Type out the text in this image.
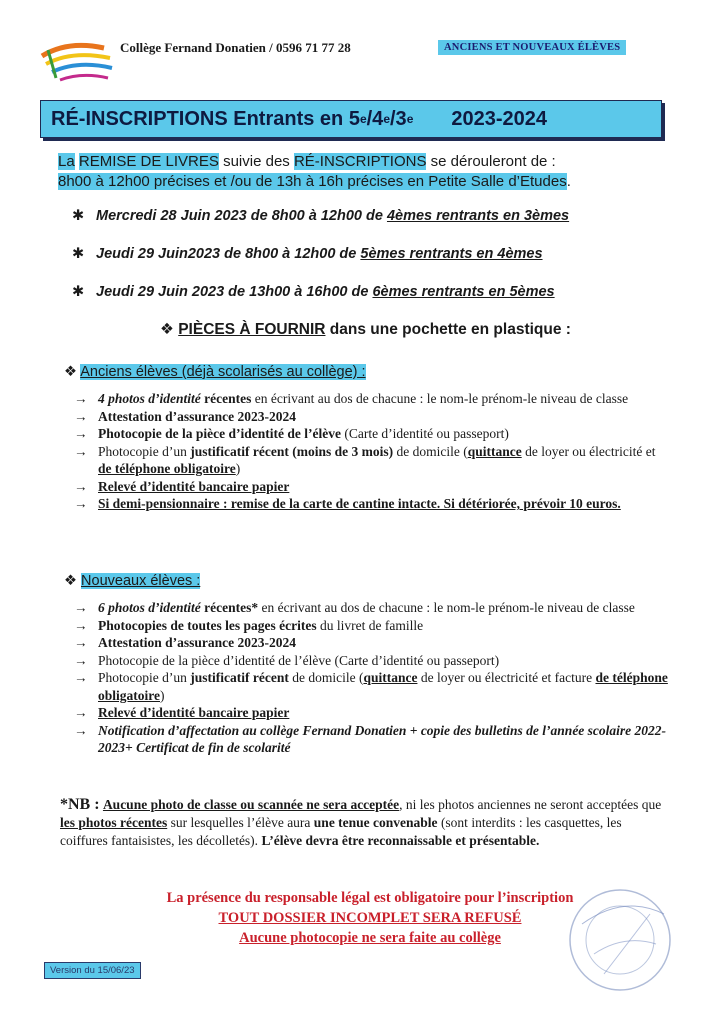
Collège Fernand Donatien / 0596 71 77 28	ANCIENS ET NOUVEAUX ÉLÈVES
RÉ-INSCRIPTIONS Entrants en 5 e /4 e /3 e 2023-2024
La REMISE DE LIVRES suivie des RÉ-INSCRIPTIONS se dérouleront de :
8h00 à 12h00 précises et /ou de 13h à 16h précises en Petite Salle d’Etudes.
✱ Mercredi 28 Juin 2023 de 8h00 à 12h00 de 4èmes rentrants en 3èmes
✱ Jeudi 29 Juin2023 de 8h00 à 12h00 de 5èmes rentrants en 4èmes
✱ Jeudi 29 Juin 2023 de 13h00 à 16h00 de 6èmes rentrants en 5èmes
❖ PIÈCES À FOURNIR dans une pochette en plastique :
❖ Anciens élèves (déjà scolarisés au collège) :

→ 4 photos d’identité récentes en écrivant au dos de chacune : le nom-le prénom-le niveau de classe

→ Attestation d’assurance 2023-2024

→ Photocopie de la pièce d’identité de l’élève (Carte d’identité ou passeport)

→ Photocopie d’un justificatif récent (moins de 3 mois) de domicile (quittance de loyer ou électricité et de téléphone obligatoire)

→ Relevé d’identité bancaire papier

→ Si demi-pensionnaire : remise de la carte de cantine intacte. Si détériorée, prévoir 10 euros.

❖ Nouveaux élèves :

→ 6 photos d’identité récentes* en écrivant au dos de chacune : le nom-le prénom-le niveau de classe

→ Photocopies de toutes les pages écrites du livret de famille

→ Attestation d’assurance 2023-2024

→ Photocopie de la pièce d’identité de l’élève (Carte d’identité ou passeport)

→ Photocopie d’un justificatif récent de domicile (quittance de loyer ou électricité et facture de téléphone obligatoire)

→ Relevé d’identité bancaire papier

→ Notification d’affectation au collège Fernand Donatien + copie des bulletins de l’année scolaire 2022-2023+ Certificat de fin de scolarité

*NB : Aucune photo de classe ou scannée ne sera acceptée, ni les photos anciennes ne seront acceptées que les photos récentes sur lesquelles l’élève aura une tenue convenable (sont interdits : les casquettes, les coiffures fantaisistes, les décolletés). L’élève devra être reconnaissable et présentable.
La présence du responsable légal est obligatoire pour l’inscription
TOUT DOSSIER INCOMPLET SERA REFUSÉ
Aucune photocopie ne sera faite au collège
Version du 15/06/23
